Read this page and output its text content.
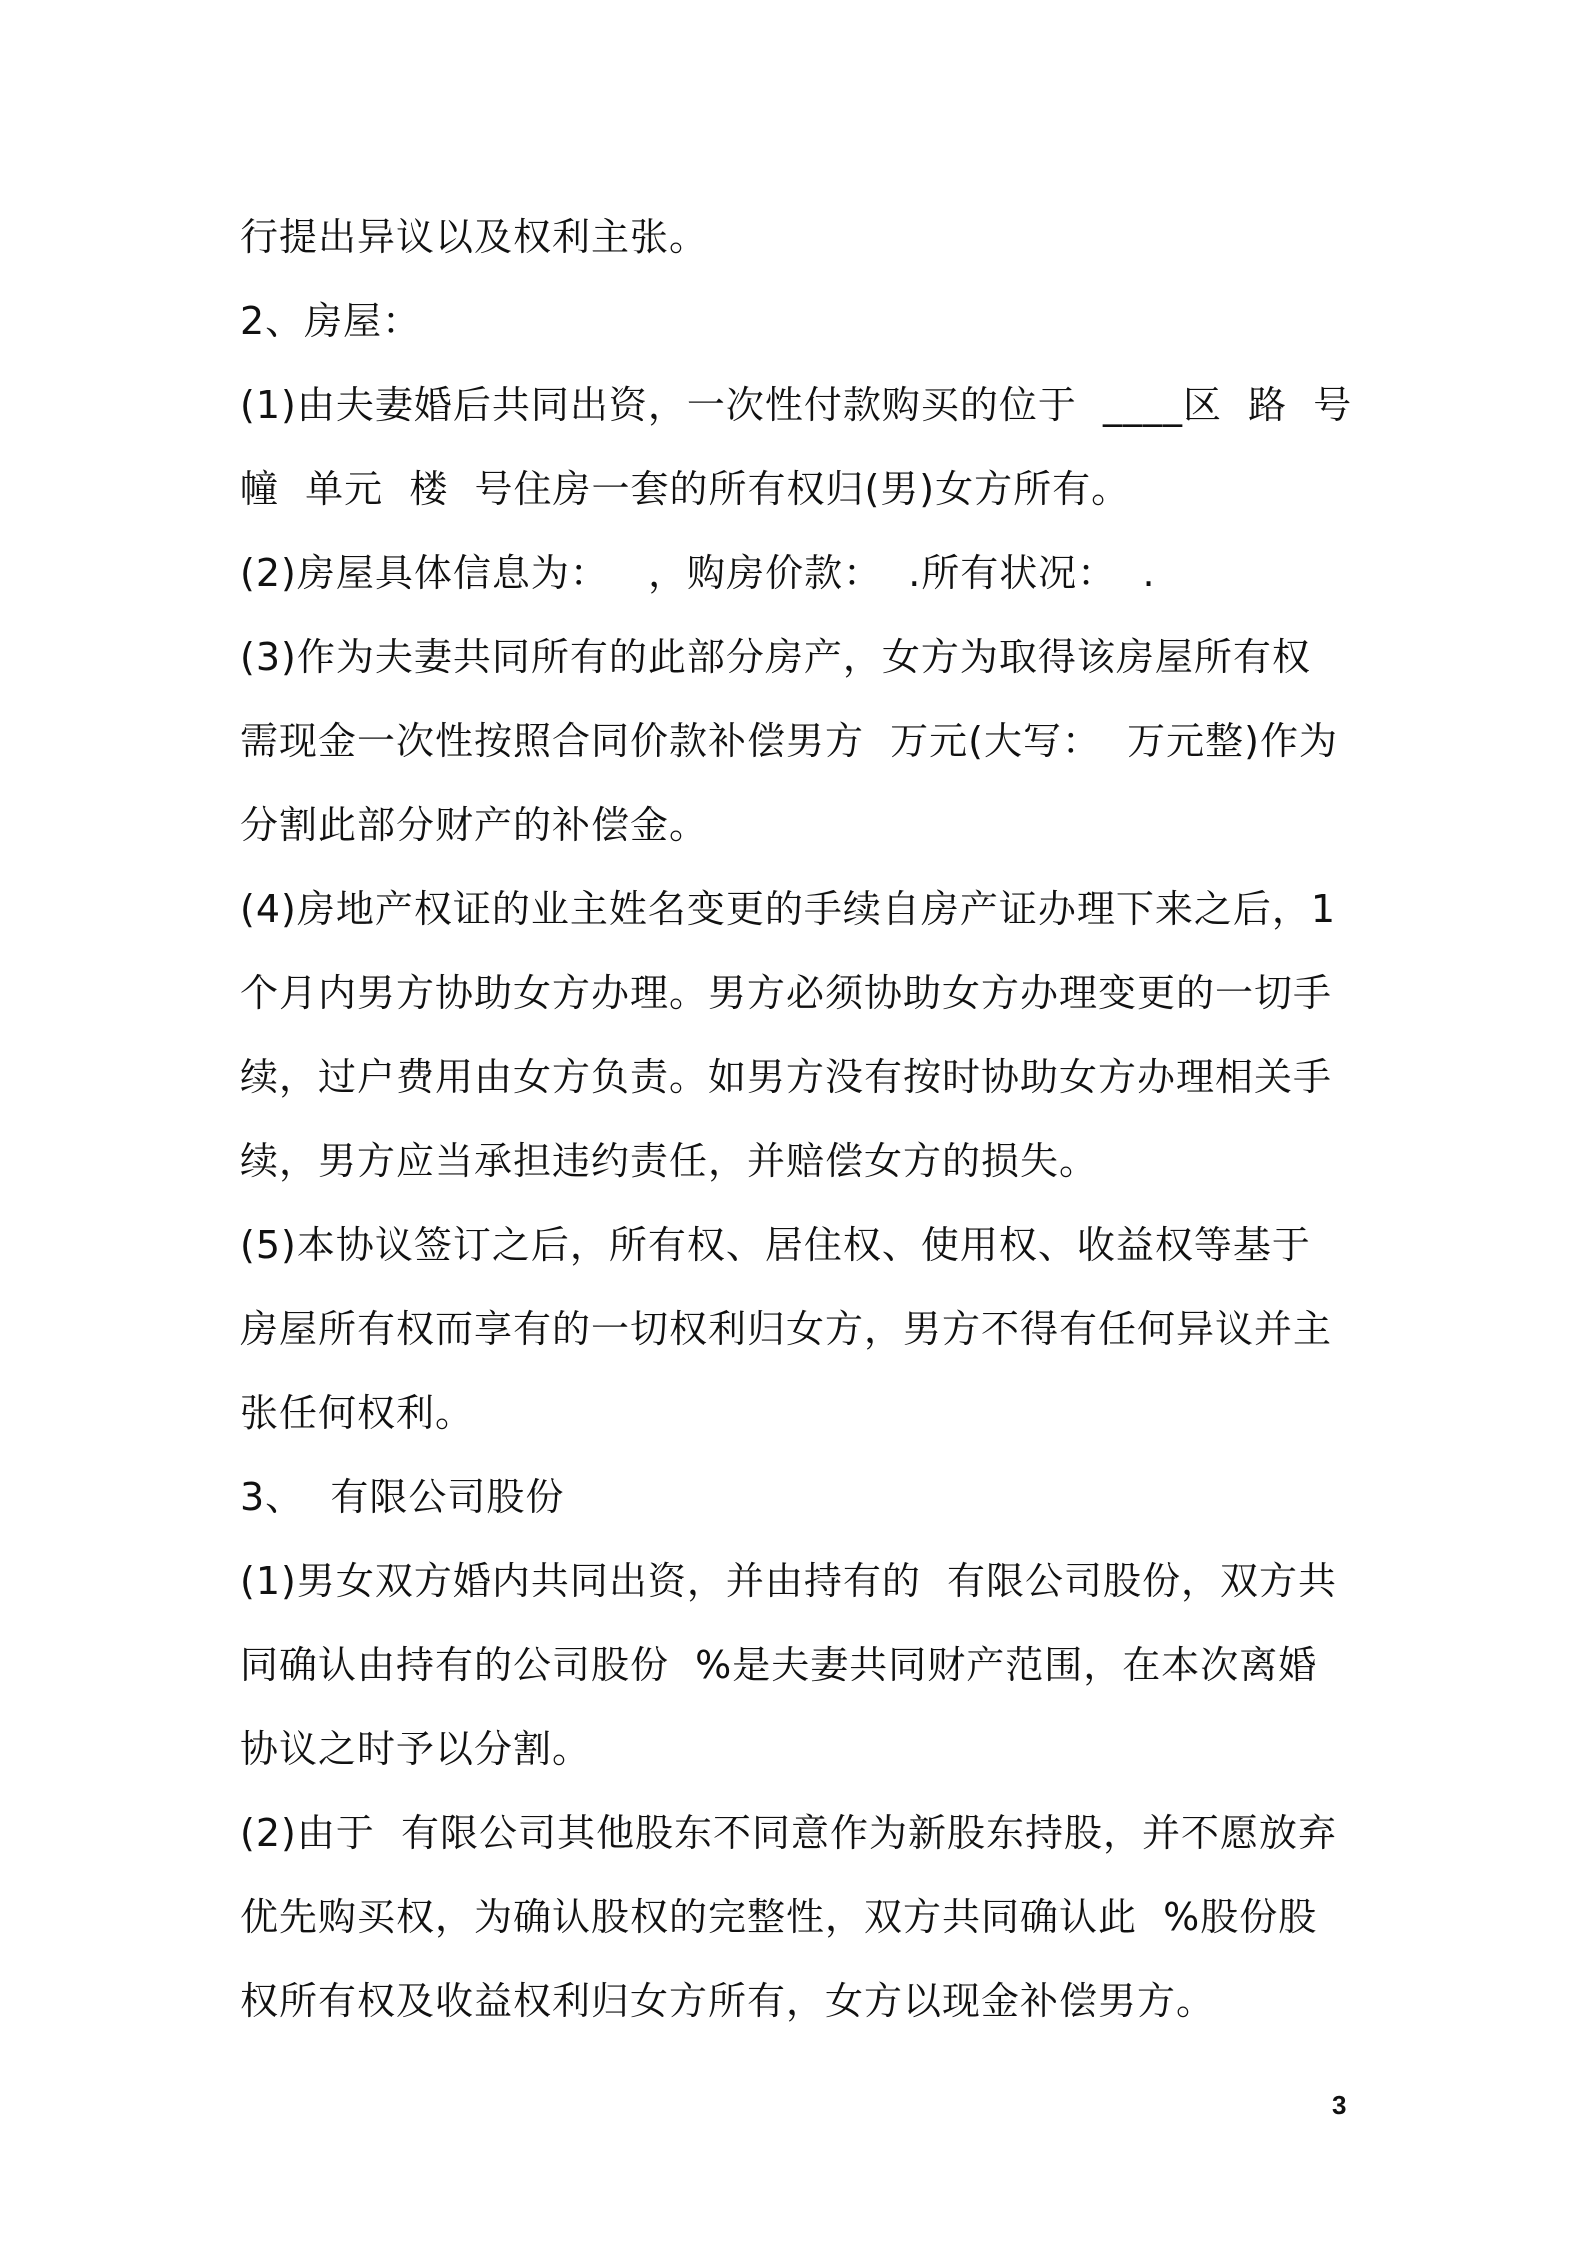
行提出异议以及权利主张。
2、房屋：
(1)由夫妻婚后共同出资，一次性付款购买的位于  ____区  路  号
幢  单元  楼  号住房一套的所有权归(男)女方所有。
(2)房屋具体信息为：   ，购房价款：  .所有状况：  .
(3)作为夫妻共同所有的此部分房产，女方为取得该房屋所有权
需现金一次性按照合同价款补偿男方  万元(大写：  万元整)作为
分割此部分财产的补偿金。
(4)房地产权证的业主姓名变更的手续自房产证办理下来之后，1
个月内男方协助女方办理。男方必须协助女方办理变更的一切手
续，过户费用由女方负责。如男方没有按时协助女方办理相关手
续，男方应当承担违约责任，并赔偿女方的损失。
(5)本协议签订之后，所有权、居住权、使用权、收益权等基于
房屋所有权而享有的一切权利归女方，男方不得有任何异议并主
张任何权利。
3、  有限公司股份
(1)男女双方婚内共同出资，并由持有的  有限公司股份，双方共
同确认由持有的公司股份  %是夫妻共同财产范围，在本次离婚
协议之时予以分割。
(2)由于  有限公司其他股东不同意作为新股东持股，并不愿放弃
优先购买权，为确认股权的完整性，双方共同确认此  %股份股
权所有权及收益权利归女方所有，女方以现金补偿男方。
3
